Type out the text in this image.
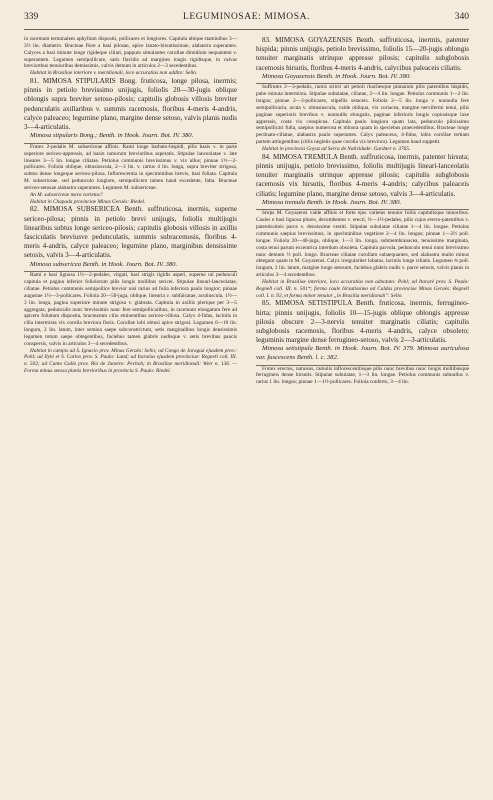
339	LEGUMINOSAE: MIMOSA.	340

in racemum terminalem aphyllum dispositi, pollicares et longiores. Capitula ubique staminibus 3—3½ lin. diametro. Bracteae flore a basi pilosae, apice lanato-hirsutissimae, alabastra superantes. Calyces a basi minute longe rigideque ciliati, pappum simulantes corollae dimidium nequantem v. superantem. Legumen semipollicare, satis flavidis ad margines longis rigidisque, in valvas breviorthus tenuioribus demissimis, valvis demum in articulos 2—3 secedentibus.

Habitat in Brasiliae interiore v. meridionali, loco accuratius non addito: Sello.

81. MIMOSA STIPULARIS Bong. fruticosa, longe pilosa, inermis; pinnis in petiolo brevissimo unijugis, foliolis 20—30-jugis oblique oblongis supra breviter setoso-pilosis; capitulis globosis villosis breviter pedunculatis axillaribus v. summis racemosis, floribus 4-meris 4-andris, calyce paleaceo; legumine plano, margine dense setoso, valvis planis nudis 3—4-articulatis.

Mimosa stipularis Bong.; Benth. in Hook. Journ. Bot. IV. 380.

Frutex 2-pedalis M. subsericeae affinis. Rami longe barbato-hispidi, pilis basis v. in parte superiore sericeo-appressis, ad basin ramorum brevioribus asperatis. Stipulae lanceolatae v. late lineares 3—5 lin. longae ciliatae. Petiolus communis brevissimus v. vix ullus; pinnae 1½—2-pollicares. Foliola oblique, obtusiuscula, 2—3 lin. v. rarius 4 lin. longa, supra breviter strigosa, subtus dense longeque sericeo-pilosa. Inflorescentia in speciminibus brevis, basi foliata. Capitula M. subsericeae, sed pedunculo longiore, semipollicem tamen haud excedente, falta. Bracteae sericeo-setosae alabastra superantes. Legumen M. subsericeae.

An M. subsericeae mera varietas?

Habitat in Chapada provinciae Minas Geraës: Riedel.

82. MIMOSA SUBSERICEA Benth. suffruticosa, inermis, superne sericeo-pilosa; pinnis in petiolo brevi unijugis, foliolis multijugis linearibus subtus longe sericeo-pilosis; capitulis globosis villosis in axillis fasciculatis breviusve pedunculatis, summis subracemosis, floribus 4-meris 4-andris, calyce paleaceo; legumine plano, marginibus densissime setosis, valvis 3—4-articulatis.

Mimosa subsericea Benth. in Hook. Journ. Bot. IV. 380.

Rami e basi lignosa 1½—2-pedales, virgati, basi strigis rigidis asperi, superne uti pedunculi capitula et pagina inferior foliolorum pilis longis mollibus sericei. Stipulae lineari-lanceolatae, ciliatae. Petiolus communis semipollice brevior nisi rarius ad folia inferiora paulo longior; pinnae augustae 1½—3-pollicares. Foliola 20—50-juga, oblique, linearia v. subfalcatae, acutiuscula, 1½—3 lin. longa, pagina superiore minute strigosa v. glabrata. Capitula in axillis plerique per 3—5 aggregata, pedunculis nunc brevissimis nunc fere semipollicaribus, in racemum elongatum fere ad apicem foliatum disposita, bractearum cilio eminentibus sericeo-villosa. Calyx 4-fidus, laciniis in cilia intermixta vix corolla breviora fissis. Corollae lobi obtusi apice strigosi. Legumen 6—10 lin. longum, 2 lin. latum, inter semina saepe subconstrictum, setis marginalibus longis densissimis legumen totum saepe obtegentibus, faciebus tamen glabris nudisque v. setis brevibus paucis conspersis, valvis in articulos 3—4 secedentibus.

Habitat in campis ad S. Ignacio prov. Minas Geraës: Sello; ad Congo de Jaraguá ejusdem prov.: Pohl; ad Ilytó et S. Carlos prov. S. Paulo: Lund; ad Itaraéus ejusdem provinciae: Regnell coll. III. n. 502; ad Canto Gallo prov. Rio de Janeiro: Pechoh; in Brasiliae meridionali: Weir n. 136. — Forma minus setosa planis brevioribus in provincia S. Paulo: Riedel.

83. MIMOSA GOYAZENSIS Benth. suffruticosa, inermis, patenter hispida; pinnis unijugis, petiolo brevissimo, foliolis 15—20-jugis oblongis tenuiter marginatis utrinque appresse pilosis; capitulis subglobosis racemosis hirsutis, floribus 4-meris 4-andris, calycibus paleaceis ciliatis.

Mimosa Goyazensis Benth. in Hook. Journ. Bot. IV. 380.

Suffrutex 2—3-pedalis, ramis stricti uti petioli rhachesque pinnarum pilis patentibus hispidis, pube minuta intermixta. Stipulae subulatae, ciliatae, 2—4 lin. longae. Petiolus communis 1—2 lin. longus; pinnae 2—3-pollicares, stipellis setaceis. Foliola 2—5 lin. longa v. nonnulla fere semipollicaria, acuta v. obtusiuscula, valde obliqua, vix coriacea, margine nervifermi tenui, pilis paginae superioris brevibus v. nonnullis elongatis, paginae inferioris longis copiosisque laxe appressis, costa vix conspicua. Capitula paulo longiora quam lata, pedunculo piloissimo semipollicari fulta, saepius numerosa et minora quam in speciebus praecedentibus. Bracteae longe pectinato-ciliatae, alabastra paulo superantes. Calyx paleaceus, 4-fidus, lobis corollae tertiam partem attingentibus (ciliis negletis quae corolla vix breviora). Legumen haud suppetit.

Habitat in provincia Goyaz ad Serra de Natividade: Gardner n. 3765.

84. MIMOSA TREMULA Benth. suffruticosa, inermis, patenter hirsuta; pinnis unijugis, petiolo brevissimo, foliolis multijugis lineari-lanceolatis tenuiter marginatis utrinque appresse pilosis; capitulis subglobosis racemosis vix hirsutis, floribus 4-meris 4-andris; calycibus paleaceis ciliatis; legumine plano, margine dense setoso, valvis 3—4-articulatis.

Mimosa tremula Benth. in Hook. Journ. Bot. IV. 380.

Stirps M. Goyazensi valde affinis et forte ejus varietas tenuior foliis capitulisque minoribus. Caules e basi lignosa plures, decumbentes v. erecti, ½—1½-pedales, pilis cujus erecto-patentibus v. patentissimis parce v. densissime vestiti. Stipulae subulatae ciliatae 1—4 lin. longae. Petiolus communis saepius brevissimus, in speciminibus vegetiore 2—4 lin. longus; pinnae 1—2½ poll. longae. Foliola 20—40-juga, oblique, 1—3 lin. longa, submembranacea, tenuissime marginata, costa tenui parum excentrica interdum obsoleta. Capitula parvula, pedunculo tenui nunc brevissimo nunc demum ½ poll. longo. Bracteae ciliatae corollam subaequantes, sed alabastra multo minus obtegunt quam in M. Goyazensi. Calyx irregulariter lobatus, laciniis longe ciliatis. Legumen ¾ poll. longum, 2 lin. latum, margine longe setosum, faciebus glabris nudis v. parce setosis, valvis planis in articulos 3—4 secedentibus.

Habitat in Brasiliae interiore, loco accuratius non adnotato: Pohl; ad Itararé prov. S. Paulo: Regnell coll. III. n. 501*; forma caule hirsutissimo ad Caldas provinciae Minas Geraës: Regnell coll. I. n. 92, et forma minor tenuior „in Brasilia meridionali": Sello.

85. MIMOSA SETISTIPULA Benth. fruticosa, inermis, ferrugineo-hirta; pinnis unijugis, foliolis 10—15-jugis oblique oblongis appresse pilosis obscure 2—3-nervis tenuiter marginatis ciliatis; capitulis subglobosis racemosis, floribus 4-meris 4-andris, calyce obsoleto; leguminis margine dense ferrugineo-setoso, valvis 2—3-articulatis.

Mimosa setistipula Benth. in Hook. Journ. Bot. IV. 379. Mimosa auriculosa var. fuscescens Benth. l. c. 382.

Frutex erectus, ramosus, ramulis inflorescentiisque pilis nunc brevibus nunc longis mollibusque ferrugineis dense hirsutis. Stipulae subulatae, 1—3 lin. longae. Petiolus communis subnullus v. rarius 1 lin. longus; pinnae 1—1½-pollicares. Foliola confertu, 3—4 lin.
